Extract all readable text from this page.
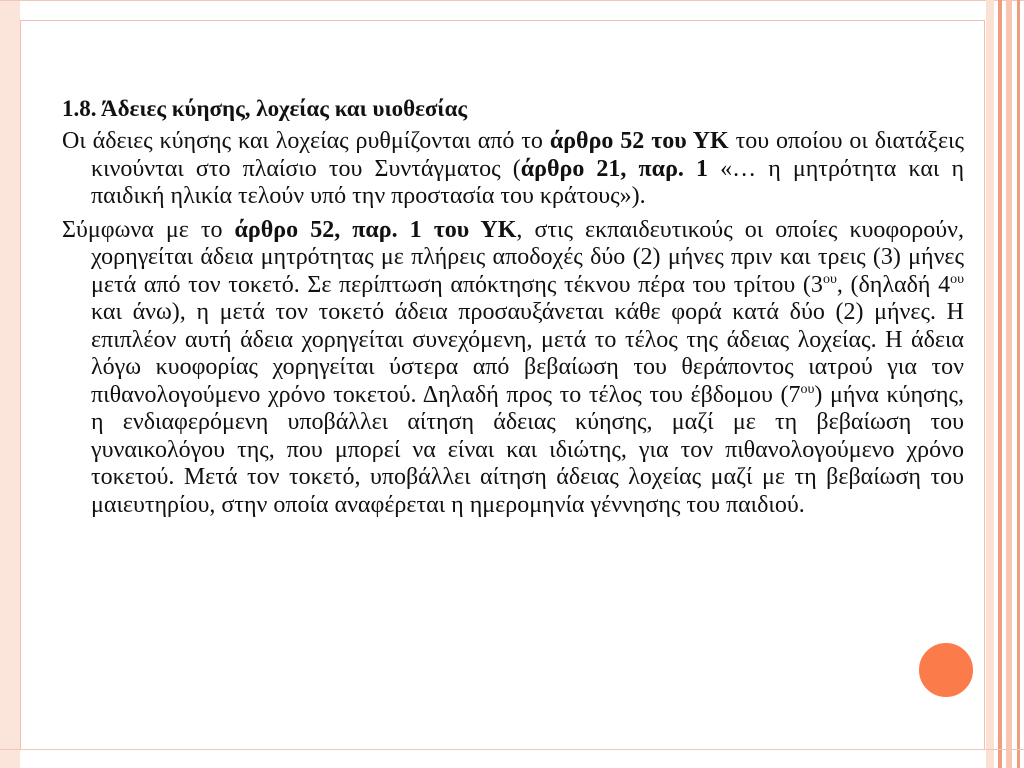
1.8. Άδειες κύησης, λοχείας και υιοθεσίας
Οι άδειες κύησης και λοχείας ρυθμίζονται από το άρθρο 52 του ΥΚ του οποίου οι διατάξεις κινούνται στο πλαίσιο του Συντάγματος (άρθρο 21, παρ. 1 «… η μητρότητα και η παιδική ηλικία τελούν υπό την προστασία του κράτους»).
Σύμφωνα με το άρθρο 52, παρ. 1 του ΥΚ, στις εκπαιδευτικούς οι οποίες κυοφορούν, χορηγείται άδεια μητρότητας με πλήρεις αποδοχές δύο (2) μήνες πριν και τρεις (3) μήνες μετά από τον τοκετό. Σε περίπτωση απόκτησης τέκνου πέρα του τρίτου ($3^{o\upsilon}$, (δηλαδή $4^{o\upsilon}$ και άνω), η μετά τον τοκετό άδεια προσαυξάνεται κάθε φορά κατά δύο (2) μήνες. Η επιπλέον αυτή άδεια χορηγείται συνεχόμενη, μετά το τέλος της άδειας λοχείας. Η άδεια λόγω κυοφορίας χορηγείται ύστερα από βεβαίωση του θεράποντος ιατρού για τον πιθανολογούμενο χρόνο τοκετού. Δηλαδή προς το τέλος του έβδομου $(7^{o\upsilon})$ μήνα κύησης, η ενδιαφερόμενη υποβάλλει αίτηση άδειας κύησης, μαζί με τη βεβαίωση του γυναικολόγου της, που μπορεί να είναι και ιδιώτης, για τον πιθανολογούμενο χρόνο τοκετού. Μετά τον τοκετό, υποβάλλει αίτηση άδειας λοχείας μαζί με τη βεβαίωση του μαιευτηρίου, στην οποία αναφέρεται η ημερομηνία γέννησης του παιδιού.
